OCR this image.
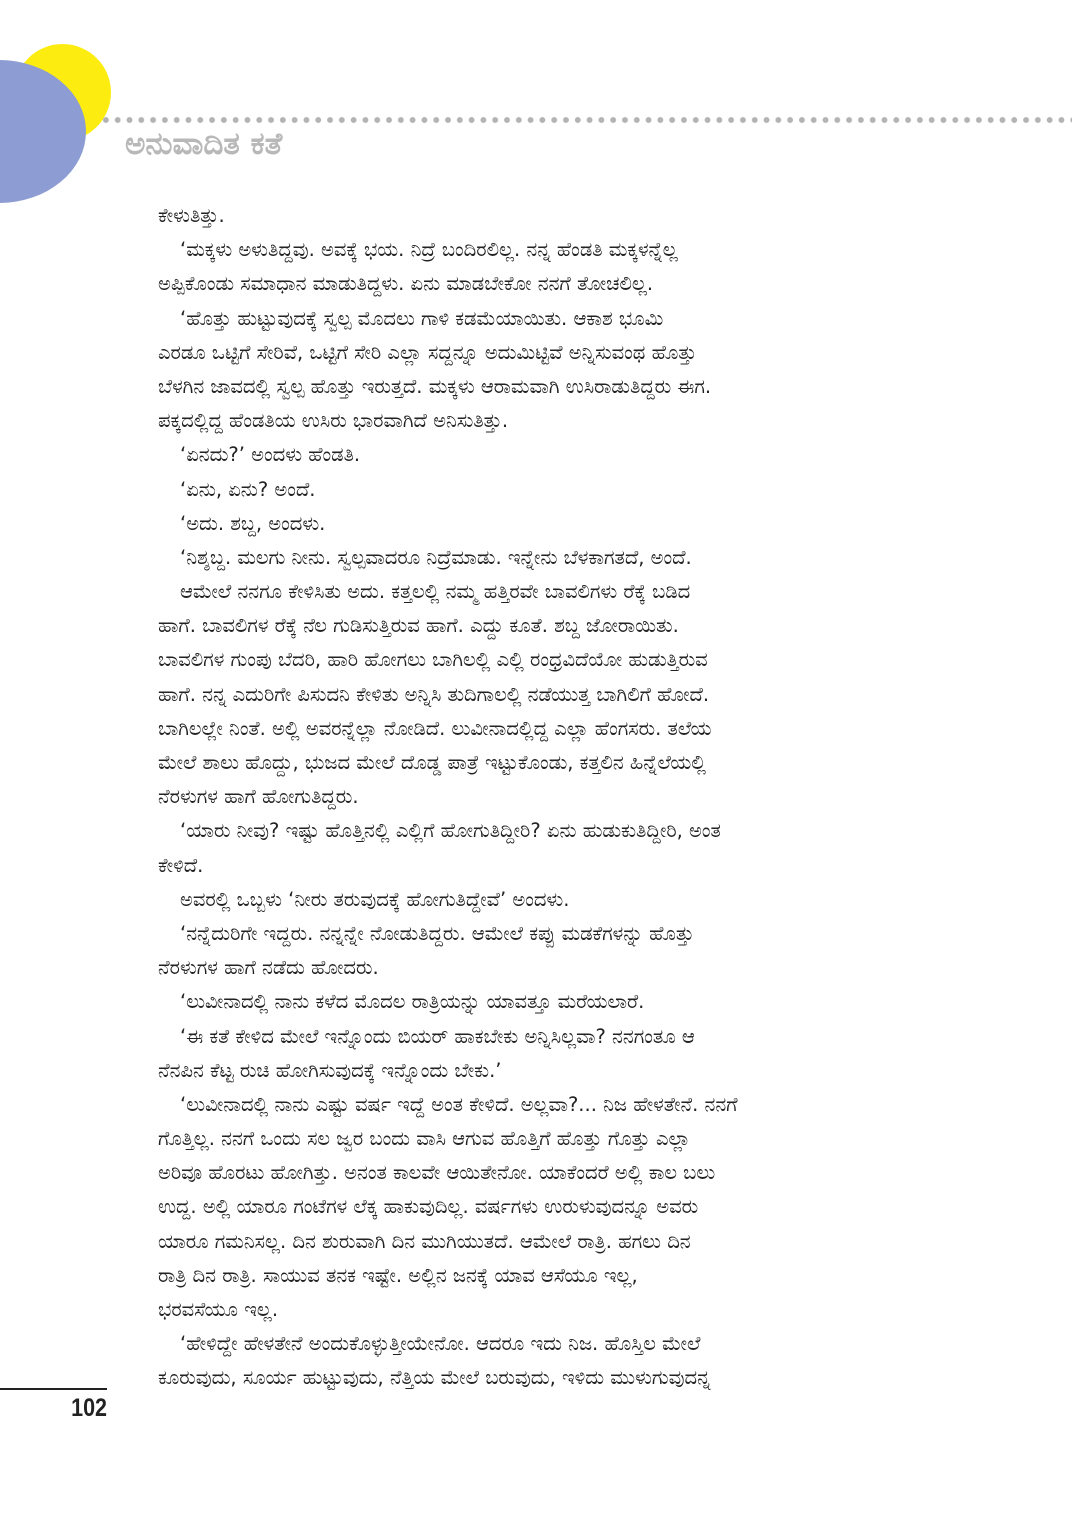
ಅನುವಾದಿತ ಕತೆ
ಕೇಳುತಿತ್ತು.
‘ಮಕ್ಕಳು ಅಳುತಿದ್ದವು. ಅವಕ್ಕೆ ಭಯ. ನಿದ್ರೆ ಬಂದಿರಲಿಲ್ಲ. ನನ್ನ ಹೆಂಡತಿ ಮಕ್ಕಳನ್ನೆಲ್ಲ
ಅಪ್ಪಿಕೊಂಡು ಸಮಾಧಾನ ಮಾಡುತಿದ್ದಳು. ಏನು ಮಾಡಬೇಕೋ ನನಗೆ ತೋಚಲಿಲ್ಲ.
‘ಹೊತ್ತು ಹುಟ್ಟುವುದಕ್ಕೆ ಸ್ವಲ್ಪ ಮೊದಲು ಗಾಳಿ ಕಡಮೆಯಾಯಿತು. ಆಕಾಶ ಭೂಮಿ
ಎರಡೂ ಒಟ್ಟಿಗೆ ಸೇರಿವೆ, ಒಟ್ಟಿಗೆ ಸೇರಿ ಎಲ್ಲಾ ಸದ್ದನ್ನೂ ಅದುಮಿಟ್ಟಿವೆ ಅನ್ನಿಸುವಂಥ ಹೊತ್ತು
ಬೆಳಗಿನ ಜಾವದಲ್ಲಿ ಸ್ವಲ್ಪ ಹೊತ್ತು ಇರುತ್ತದೆ. ಮಕ್ಕಳು ಆರಾಮವಾಗಿ ಉಸಿರಾಡುತಿದ್ದರು ಈಗ.
ಪಕ್ಕದಲ್ಲಿದ್ದ ಹೆಂಡತಿಯ ಉಸಿರು ಭಾರವಾಗಿದೆ ಅನಿಸುತಿತ್ತು.
‘ಏನದು?’ ಅಂದಳು ಹೆಂಡತಿ.
‘ಏನು, ಏನು? ಅಂದೆ.
‘ಅದು. ಶಬ್ದ, ಅಂದಳು.
‘ನಿಶ್ಶಬ್ದ. ಮಲಗು ನೀನು. ಸ್ವಲ್ಪವಾದರೂ ನಿದ್ರೆಮಾಡು. ಇನ್ನೇನು ಬೆಳಕಾಗತದೆ, ಅಂದೆ.
ಆಮೇಲೆ ನನಗೂ ಕೇಳಿಸಿತು ಅದು. ಕತ್ತಲಲ್ಲಿ ನಮ್ಮ ಹತ್ತಿರವೇ ಬಾವಲಿಗಳು ರೆಕ್ಕೆ ಬಡಿದ
ಹಾಗೆ. ಬಾವಲಿಗಳ ರೆಕ್ಕೆ ನೆಲ ಗುಡಿಸುತ್ತಿರುವ ಹಾಗೆ. ಎದ್ದು ಕೂತೆ. ಶಬ್ದ ಜೋರಾಯಿತು.
ಬಾವಲಿಗಳ ಗುಂಪು ಬೆದರಿ, ಹಾರಿ ಹೋಗಲು ಬಾಗಿಲಲ್ಲಿ ಎಲ್ಲಿ ರಂಧ್ರವಿದೆಯೋ ಹುಡುತ್ತಿರುವ
ಹಾಗೆ. ನನ್ನ ಎದುರಿಗೇ ಪಿಸುದನಿ ಕೇಳಿತು ಅನ್ನಿಸಿ ತುದಿಗಾಲಲ್ಲಿ ನಡೆಯುತ್ತ ಬಾಗಿಲಿಗೆ ಹೋದೆ.
ಬಾಗಿಲಲ್ಲೇ ನಿಂತೆ. ಅಲ್ಲಿ ಅವರನ್ನೆಲ್ಲಾ ನೋಡಿದೆ. ಲುವೀನಾದಲ್ಲಿದ್ದ ಎಲ್ಲಾ ಹೆಂಗಸರು. ತಲೆಯ
ಮೇಲೆ ಶಾಲು ಹೊದ್ದು, ಭುಜದ ಮೇಲೆ ದೊಡ್ಡ ಪಾತ್ರೆ ಇಟ್ಟುಕೊಂಡು, ಕತ್ತಲಿನ ಹಿನ್ನೆಲೆಯಲ್ಲಿ
ನೆರಳುಗಳ ಹಾಗೆ ಹೋಗುತಿದ್ದರು.
‘ಯಾರು ನೀವು? ಇಷ್ಟು ಹೊತ್ತಿನಲ್ಲಿ ಎಲ್ಲಿಗೆ ಹೋಗುತಿದ್ದೀರಿ? ಏನು ಹುಡುಕುತಿದ್ದೀರಿ, ಅಂತ
ಕೇಳಿದೆ.
ಅವರಲ್ಲಿ ಒಬ್ಬಳು ‘ನೀರು ತರುವುದಕ್ಕೆ ಹೋಗುತಿದ್ದೇವೆ’ ಅಂದಳು.
‘ನನ್ನೆದುರಿಗೇ ಇದ್ದರು. ನನ್ನನ್ನೇ ನೋಡುತಿದ್ದರು. ಆಮೇಲೆ ಕಪ್ಪು ಮಡಕೆಗಳನ್ನು ಹೊತ್ತು
ನೆರಳುಗಳ ಹಾಗೆ ನಡೆದು ಹೋದರು.
‘ಲುವೀನಾದಲ್ಲಿ ನಾನು ಕಳೆದ ಮೊದಲ ರಾತ್ರಿಯನ್ನು ಯಾವತ್ತೂ ಮರೆಯಲಾರೆ.
‘ಈ ಕತೆ ಕೇಳಿದ ಮೇಲೆ ಇನ್ನೊಂದು ಬಿಯರ್ ಹಾಕಬೇಕು ಅನ್ನಿಸಿಲ್ಲವಾ? ನನಗಂತೂ ಆ
ನೆನಪಿನ ಕೆಟ್ಟ ರುಚಿ ಹೋಗಿಸುವುದಕ್ಕೆ ಇನ್ನೊಂದು ಬೇಕು.’
‘ಲುವೀನಾದಲ್ಲಿ ನಾನು ಎಷ್ಟು ವರ್ಷ ಇದ್ದೆ ಅಂತ ಕೇಳಿದೆ. ಅಲ್ಲವಾ?... ನಿಜ ಹೇಳತೇನೆ. ನನಗೆ
ಗೊತ್ತಿಲ್ಲ. ನನಗೆ ಒಂದು ಸಲ ಜ್ವರ ಬಂದು ವಾಸಿ ಆಗುವ ಹೊತ್ತಿಗೆ ಹೊತ್ತು ಗೊತ್ತು ಎಲ್ಲಾ
ಅರಿವೂ ಹೊರಟು ಹೋಗಿತ್ತು. ಅನಂತ ಕಾಲವೇ ಆಯಿತೇನೋ. ಯಾಕೆಂದರೆ ಅಲ್ಲಿ ಕಾಲ ಬಲು
ಉದ್ದ. ಅಲ್ಲಿ ಯಾರೂ ಗಂಟೆಗಳ ಲೆಕ್ಕ ಹಾಕುವುದಿಲ್ಲ. ವರ್ಷಗಳು ಉರುಳುವುದನ್ನೂ ಅವರು
ಯಾರೂ ಗಮನಿಸಲ್ಲ. ದಿನ ಶುರುವಾಗಿ ದಿನ ಮುಗಿಯುತದೆ. ಆಮೇಲೆ ರಾತ್ರಿ. ಹಗಲು ದಿನ
ರಾತ್ರಿ ದಿನ ರಾತ್ರಿ. ಸಾಯುವ ತನಕ ಇಷ್ಟೇ. ಅಲ್ಲಿನ ಜನಕ್ಕೆ ಯಾವ ಆಸೆಯೂ ಇಲ್ಲ,
ಭರವಸೆಯೂ ಇಲ್ಲ.
‘ಹೇಳಿದ್ದೇ ಹೇಳತೇನೆ ಅಂದುಕೊಳ್ಳುತ್ತೀಯೇನೋ. ಆದರೂ ಇದು ನಿಜ. ಹೊಸ್ತಿಲ ಮೇಲೆ
ಕೂರುವುದು, ಸೂರ್ಯ ಹುಟ್ಟುವುದು, ನೆತ್ತಿಯ ಮೇಲೆ ಬರುವುದು, ಇಳಿದು ಮುಳುಗುವುದನ್ನ
102
